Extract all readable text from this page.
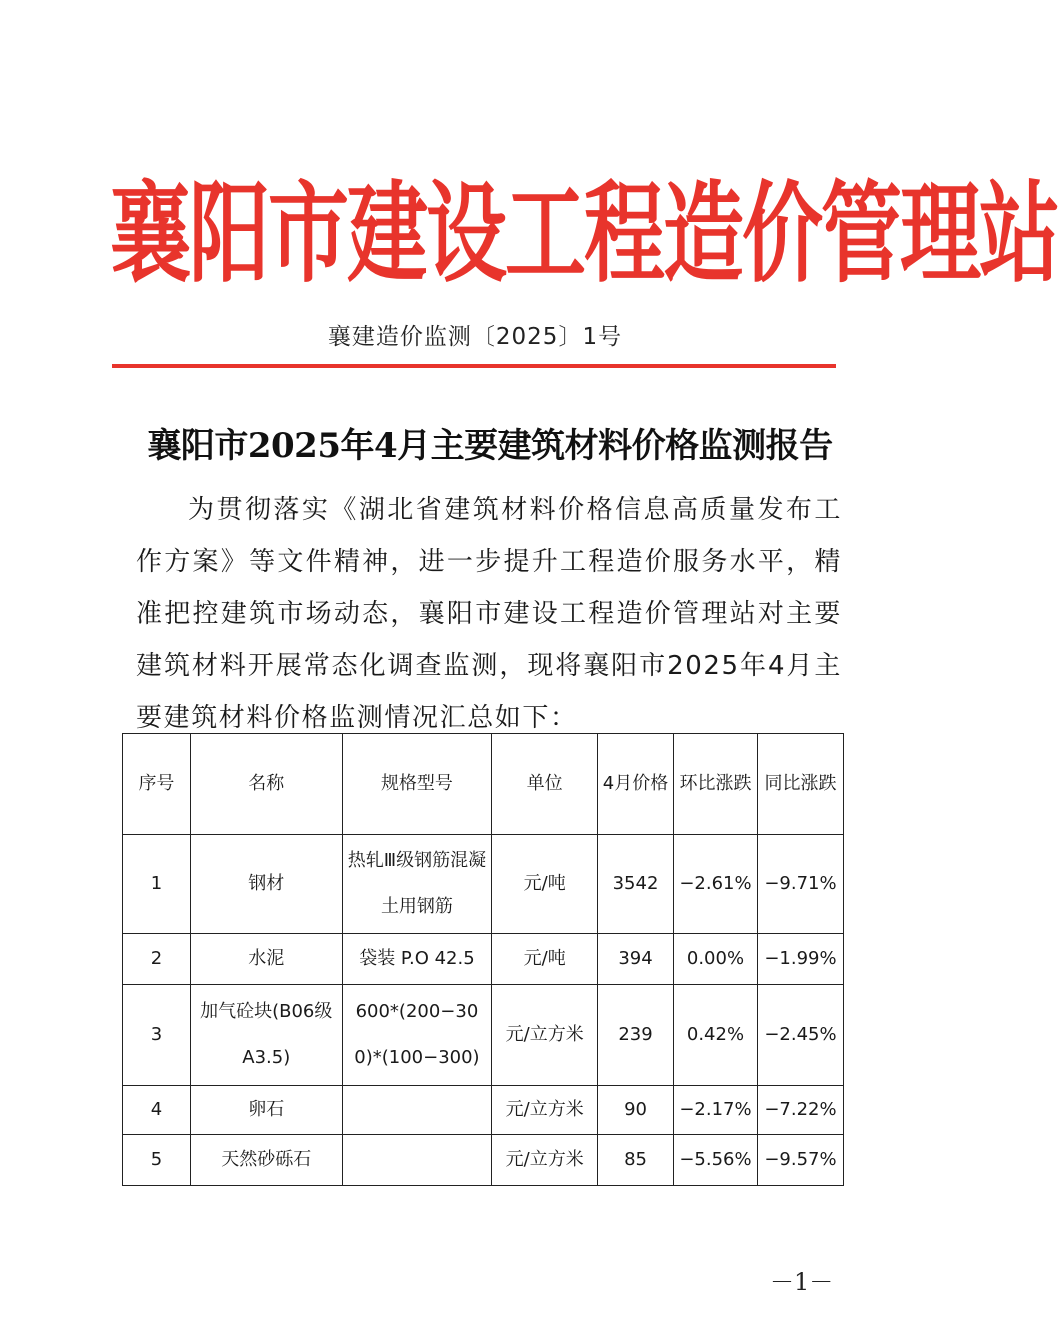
襄阳市建设工程造价管理站
襄建造价监测〔2025〕1号
襄阳市2025年4月主要建筑材料价格监测报告
为贯彻落实《湖北省建筑材料价格信息高质量发布工作方案》等文件精神，进一步提升工程造价服务水平，精准把控建筑市场动态，襄阳市建设工程造价管理站对主要建筑材料开展常态化调查监测，现将襄阳市2025年4月主要建筑材料价格监测情况汇总如下：
序号	名称	规格型号	单位	4月价格	环比涨跌	同比涨跌
1	钢材	热轧Ⅲ级钢筋混凝土用钢筋	元/吨	3542	−2.61%	−9.71%
2	水泥	袋装 P.O 42.5	元/吨	394	0.00%	−1.99%
3	加气砼块(B06级A3.5)	600*(200−300)*(100−300)	元/立方米	239	0.42%	−2.45%
4	卵石		元/立方米	90	−2.17%	−7.22%
5	天然砂砾石		元/立方米	85	−5.56%	−9.57%
－1－
